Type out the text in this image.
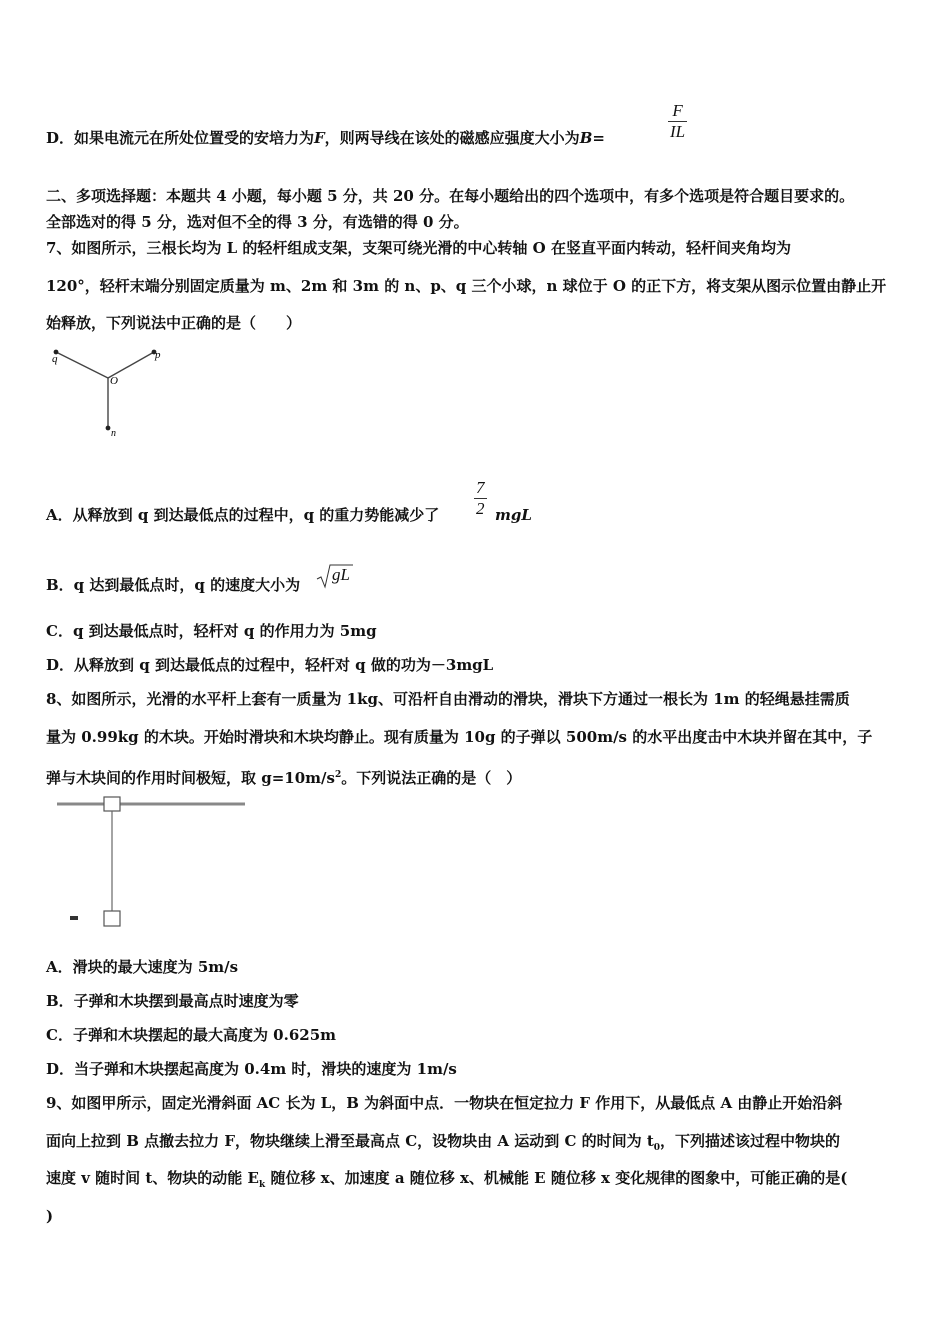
D．如果电流元在所处位置受的安培力为F，则两导线在该处的磁感应强度大小为B=
F
IL
二、多项选择题：本题共 4 小题，每小题 5 分，共 20 分。在每小题给出的四个选项中，有多个选项是符合题目要求的。
全部选对的得 5 分，选对但不全的得 3 分，有选错的得 0 分。
7、如图所示，三根长均为 L 的轻杆组成支架，支架可绕光滑的中心转轴 O 在竖直平面内转动，轻杆间夹角均为
120°，轻杆末端分别固定质量为 m、2m 和 3m 的 n、p、q 三个小球，n 球位于 O 的正下方，将支架从图示位置由静止开
始释放，下列说法中正确的是（　　）
q	p
O
n
A．从释放到 q 到达最低点的过程中，q 的重力势能减少了
7
2 mgL
B．q 达到最低点时，q 的速度大小为
gL
C．q 到达最低点时，轻杆对 q 的作用力为 5mg
D．从释放到 q 到达最低点的过程中，轻杆对 q 做的功为－3mgL
8、如图所示，光滑的水平杆上套有一质量为 1kg、可沿杆自由滑动的滑块，滑块下方通过一根长为 1m 的轻绳悬挂需质
量为 0.99kg 的木块。开始时滑块和木块均静止。现有质量为 10g 的子弹以 500m/s 的水平出度击中木块并留在其中，子
弹与木块间的作用时间极短，取 $g=10m/s^2$。下列说法正确的是（　）
A．滑块的最大速度为 5m/s
B．子弹和木块摆到最高点时速度为零
C．子弹和木块摆起的最大高度为 0.625m
D．当子弹和木块摆起高度为 0.4m 时，滑块的速度为 1m/s
9、如图甲所示，固定光滑斜面 AC 长为 L，B 为斜面中点．一物块在恒定拉力 F 作用下，从最低点 A 由静止开始沿斜
面向上拉到 B 点撤去拉力 F，物块继续上滑至最高点 C，设物块由 A 运动到 C 的时间为 $t_0$，下列描述该过程中物块的
速度 v 随时间 t、物块的动能 $E_k$ 随位移 x、加速度 a 随位移 x、机械能 E 随位移 x 变化规律的图象中，可能正确的是(
)
